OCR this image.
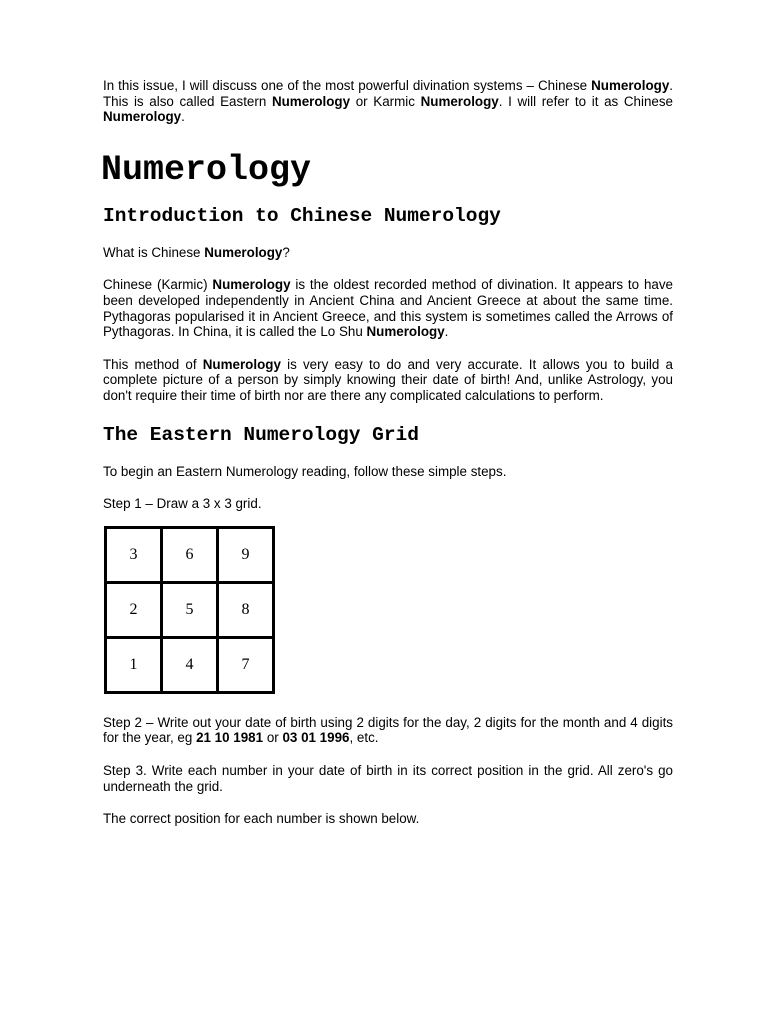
In this issue, I will discuss one of the most powerful divination systems – Chinese Numerology. This is also called Eastern Numerology or Karmic Numerology. I will refer to it as Chinese Numerology.

Numerology
Introduction to Chinese Numerology

What is Chinese Numerology?

Chinese (Karmic) Numerology is the oldest recorded method of divination. It appears to have been developed independently in Ancient China and Ancient Greece at about the same time. Pythagoras popularised it in Ancient Greece, and this system is sometimes called the Arrows of Pythagoras. In China, it is called the Lo Shu Numerology.

This method of Numerology is very easy to do and very accurate. It allows you to build a complete picture of a person by simply knowing their date of birth! And, unlike Astrology, you don't require their time of birth nor are there any complicated calculations to perform.

The Eastern Numerology Grid

To begin an Eastern Numerology reading, follow these simple steps.

Step 1 – Draw a 3 x 3 grid.

3	6	9
2	5	8
1	4	7

Step 2 – Write out your date of birth using 2 digits for the day, 2 digits for the month and 4 digits for the year, eg 21 10 1981 or 03 01 1996, etc.

Step 3. Write each number in your date of birth in its correct position in the grid. All zero's go underneath the grid.

The correct position for each number is shown below.
